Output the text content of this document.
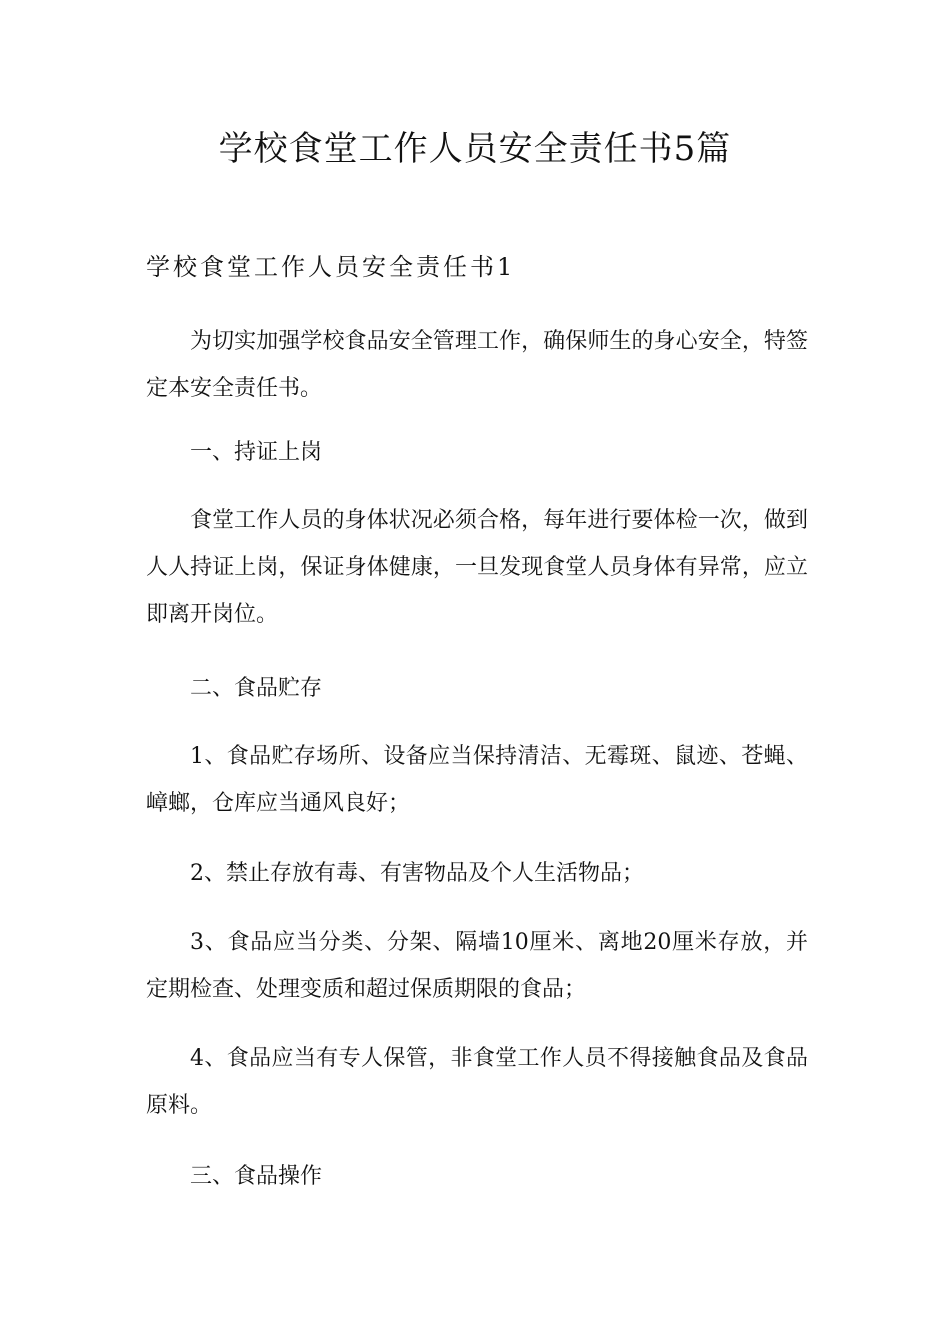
学校食堂工作人员安全责任书5篇
学校食堂工作人员安全责任书1

为切实加强学校食品安全管理工作，确保师生的身心安全，特签定本安全责任书。

一、持证上岗

食堂工作人员的身体状况必须合格，每年进行要体检一次，做到人人持证上岗，保证身体健康，一旦发现食堂人员身体有异常，应立即离开岗位。

二、食品贮存

1、食品贮存场所、设备应当保持清洁、无霉斑、鼠迹、苍蝇、嶂螂，仓库应当通风良好；

2、禁止存放有毒、有害物品及个人生活物品；

3、食品应当分类、分架、隔墙10厘米、离地20厘米存放，并定期检查、处理变质和超过保质期限的食品；

4、食品应当有专人保管，非食堂工作人员不得接触食品及食品原料。

三、食品操作
